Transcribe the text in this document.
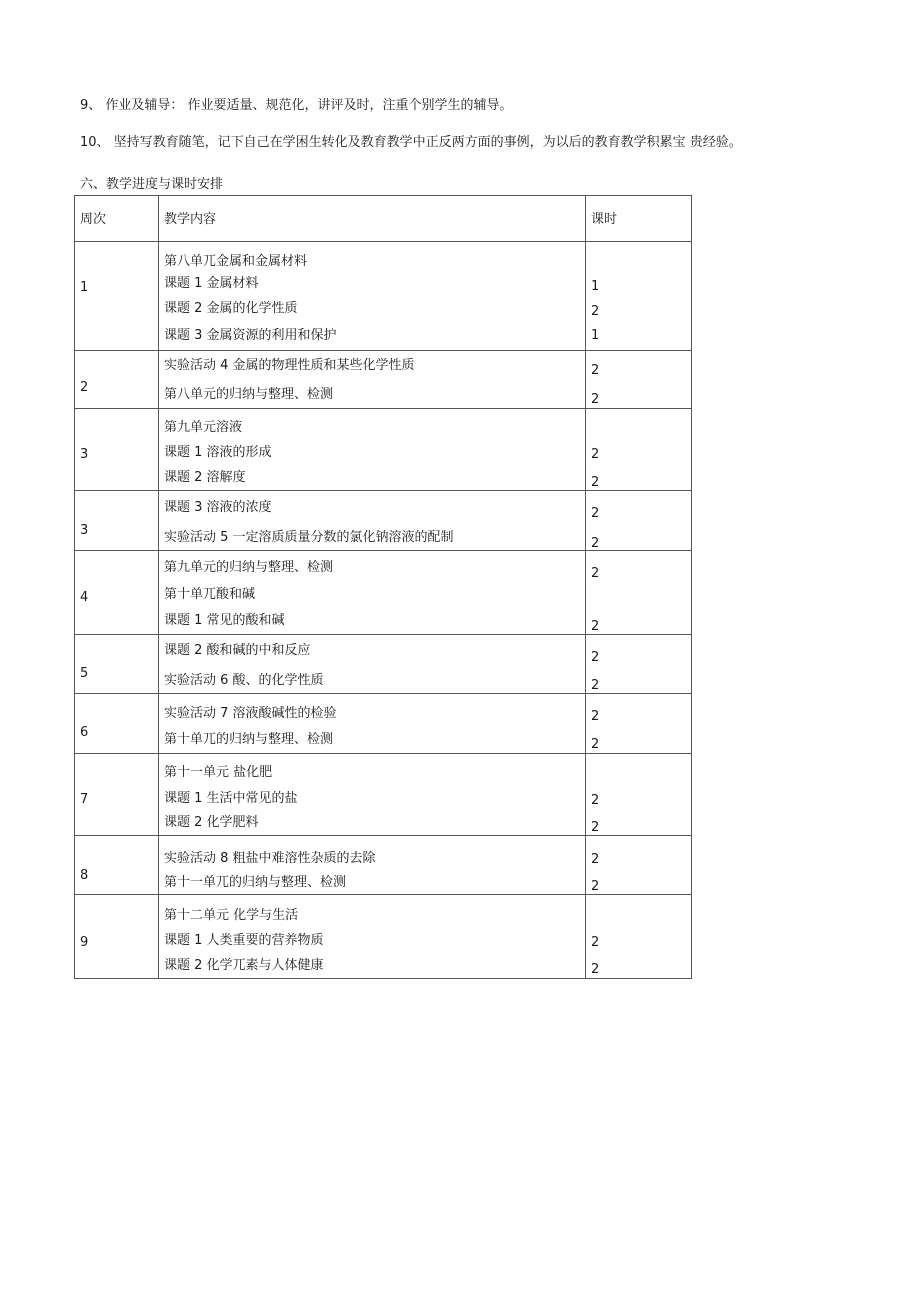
9、 作业及辅导： 作业要适量、规范化，讲评及时，注重个别学生的辅导。
10、 坚持写教育随笔，记下自己在学困生转化及教育教学中正反两方面的事例，为以后的教育教学积累宝 贵经验。
六、教学进度与课时安排
周次	教学内容	课时
1
第八单兀金属和金属材料
课题 1 金属材料
课题 2 金属的化学性质
课题 3 金属资源的利用和保护
1
2
1
2
实验活动 4 金属的物理性质和某些化学性质
第八单元的归纳与整理、检测
2
2
3
第九单元溶液
课题 1 溶液的形成
课题 2 溶解度
2
2
3
课题 3 溶液的浓度
实验活动 5 一定溶质质量分数的氯化钠溶液的配制
2
2
4
第九单元的归纳与整理、检测
第十单兀酸和碱
课题 1 常见的酸和碱
2
2
5
课题 2 酸和碱的中和反应
实验活动 6 酸、的化学性质
2
2
6
实验活动 7 溶液酸碱性的检验
第十单兀的归纳与整理、检测
2
2
7
第十一单元 盐化肥
课题 1 生活中常见的盐
课题 2 化学肥料
2
2
8
实验活动 8 粗盐中难溶性杂质的去除
第十一单兀的归纳与整理、检测
2
2
9
第十二单元 化学与生活
课题 1 人类重要的营养物质
课题 2 化学兀素与人体健康
2
2
